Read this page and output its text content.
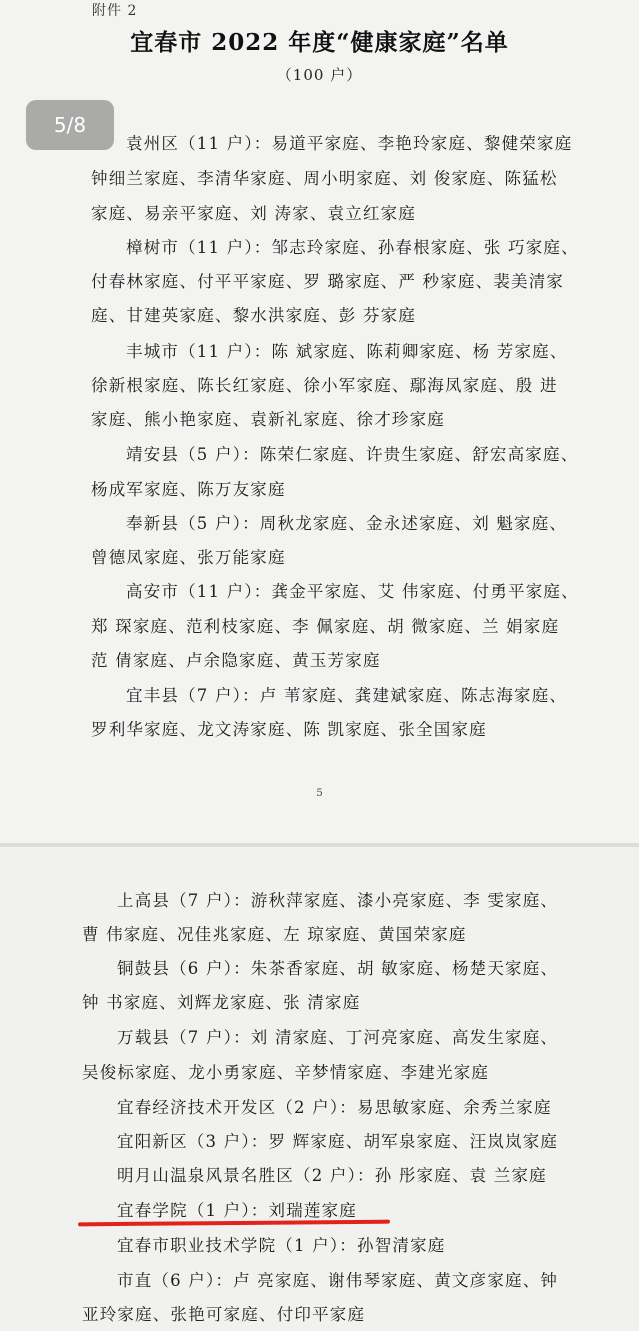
附件 2
宜春市 2022 年度“健康家庭”名单
（100 户）
袁州区（11 户）：易道平家庭、李艳玲家庭、黎健荣家庭
钟细兰家庭、李清华家庭、周小明家庭、刘 俊家庭、陈猛松
家庭、易亲平家庭、刘 涛家、袁立红家庭
樟树市（11 户）：邹志玲家庭、孙春根家庭、张 巧家庭、
付春林家庭、付平平家庭、罗 璐家庭、严 秒家庭、裴美清家
庭、甘建英家庭、黎水洪家庭、彭 芬家庭
丰城市（11 户）：陈 斌家庭、陈莉卿家庭、杨 芳家庭、
徐新根家庭、陈长红家庭、徐小军家庭、鄢海凤家庭、殷 进
家庭、熊小艳家庭、袁新礼家庭、徐才珍家庭
靖安县（5 户）：陈荣仁家庭、许贵生家庭、舒宏高家庭、
杨成军家庭、陈万友家庭
奉新县（5 户）：周秋龙家庭、金永述家庭、刘 魁家庭、
曾德凤家庭、张万能家庭
高安市（11 户）：龚金平家庭、艾 伟家庭、付勇平家庭、
郑 琛家庭、范利枝家庭、李 佩家庭、胡 微家庭、兰 娟家庭
范 倩家庭、卢余隐家庭、黄玉芳家庭
宜丰县（7 户）：卢 苇家庭、龚建斌家庭、陈志海家庭、
罗利华家庭、龙文涛家庭、陈 凯家庭、张全国家庭
5
上高县（7 户）：游秋萍家庭、漆小亮家庭、李 雯家庭、
曹 伟家庭、况佳兆家庭、左 琼家庭、黄国荣家庭
铜鼓县（6 户）：朱茶香家庭、胡 敏家庭、杨楚天家庭、
钟 书家庭、刘辉龙家庭、张 清家庭
万载县（7 户）：刘 清家庭、丁河亮家庭、高发生家庭、
吴俊标家庭、龙小勇家庭、辛梦情家庭、李建光家庭
宜春经济技术开发区（2 户）：易思敏家庭、余秀兰家庭
宜阳新区（3 户）：罗 辉家庭、胡军泉家庭、汪岚岚家庭
明月山温泉风景名胜区（2 户）：孙 彤家庭、袁 兰家庭
宜春学院（1 户）：刘瑞莲家庭
宜春市职业技术学院（1 户）：孙智清家庭
市直（6 户）：卢 亮家庭、谢伟琴家庭、黄文彦家庭、钟
亚玲家庭、张艳可家庭、付印平家庭
5/8
